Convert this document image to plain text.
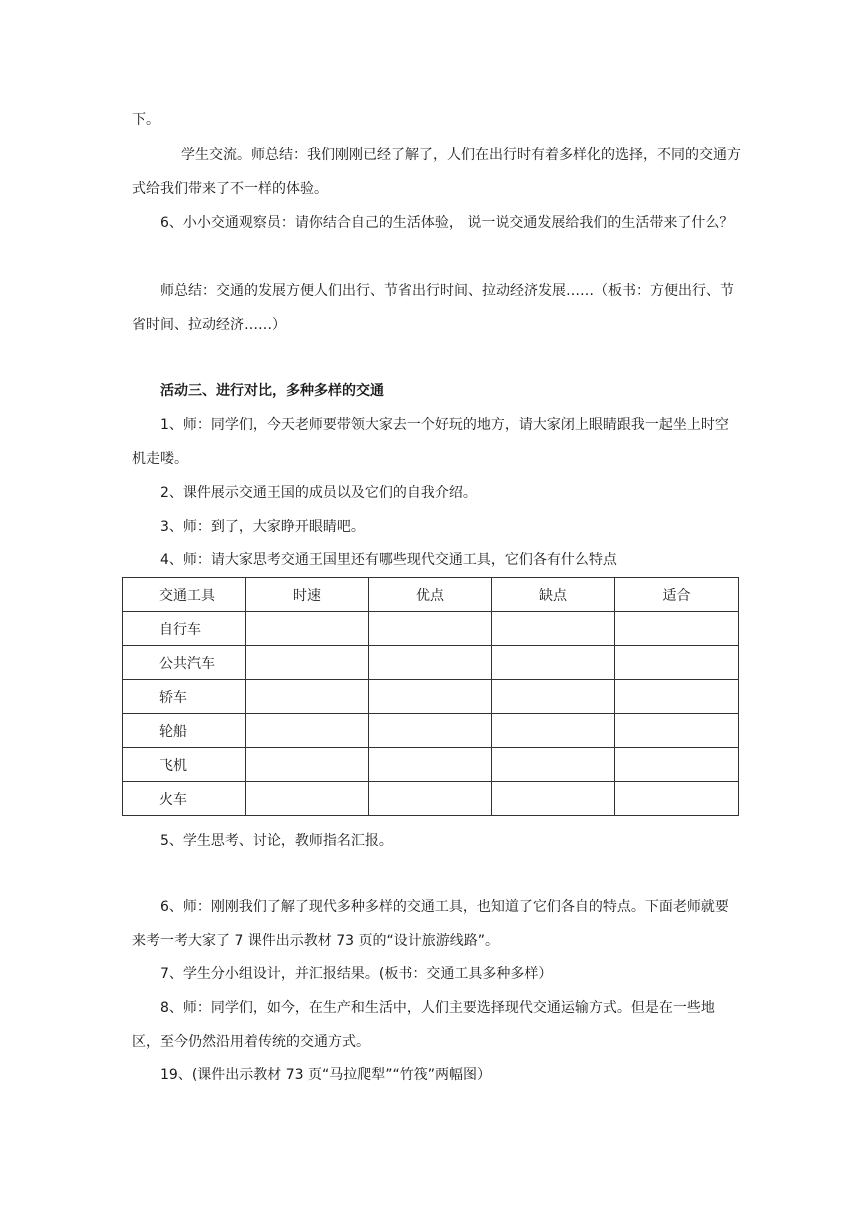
下。

学生交流。师总结：我们刚刚已经了解了，人们在出行时有着多样化的选择，不同的交通方式给我们带来了不一样的体验。

6、小小交通观察员：请你结合自己的生活体验， 说一说交通发展给我们的生活带来了什么？

师总结：交通的发展方便人们出行、节省出行时间、拉动经济发展……（板书：方便出行、节省时间、拉动经济……）

活动三、进行对比，多种多样的交通

1、师：同学们，今天老师要带领大家去一个好玩的地方，请大家闭上眼睛跟我一起坐上时空机走喽。

2、课件展示交通王国的成员以及它们的自我介绍。

3、师：到了，大家睁开眼睛吧。

4、师：请大家思考交通王国里还有哪些现代交通工具，它们各有什么特点

交通工具	时速	优点	缺点	适合
自行车				
公共汽车				
轿车				
轮船				
飞机				
火车				

5、学生思考、讨论，教师指名汇报。

6、师：刚刚我们了解了现代多种多样的交通工具，也知道了它们各自的特点。下面老师就要来考一考大家了 7 课件出示教材 73 页的“设计旅游线路”。

7、学生分小组设计，并汇报结果。(板书：交通工具多种多样）

8、师：同学们，如今，在生产和生活中，人们主要选择现代交通运输方式。但是在一些地区，至今仍然沿用着传统的交通方式。

19、(课件出示教材 73 页“马拉爬犁”“竹筏”两幅图）
